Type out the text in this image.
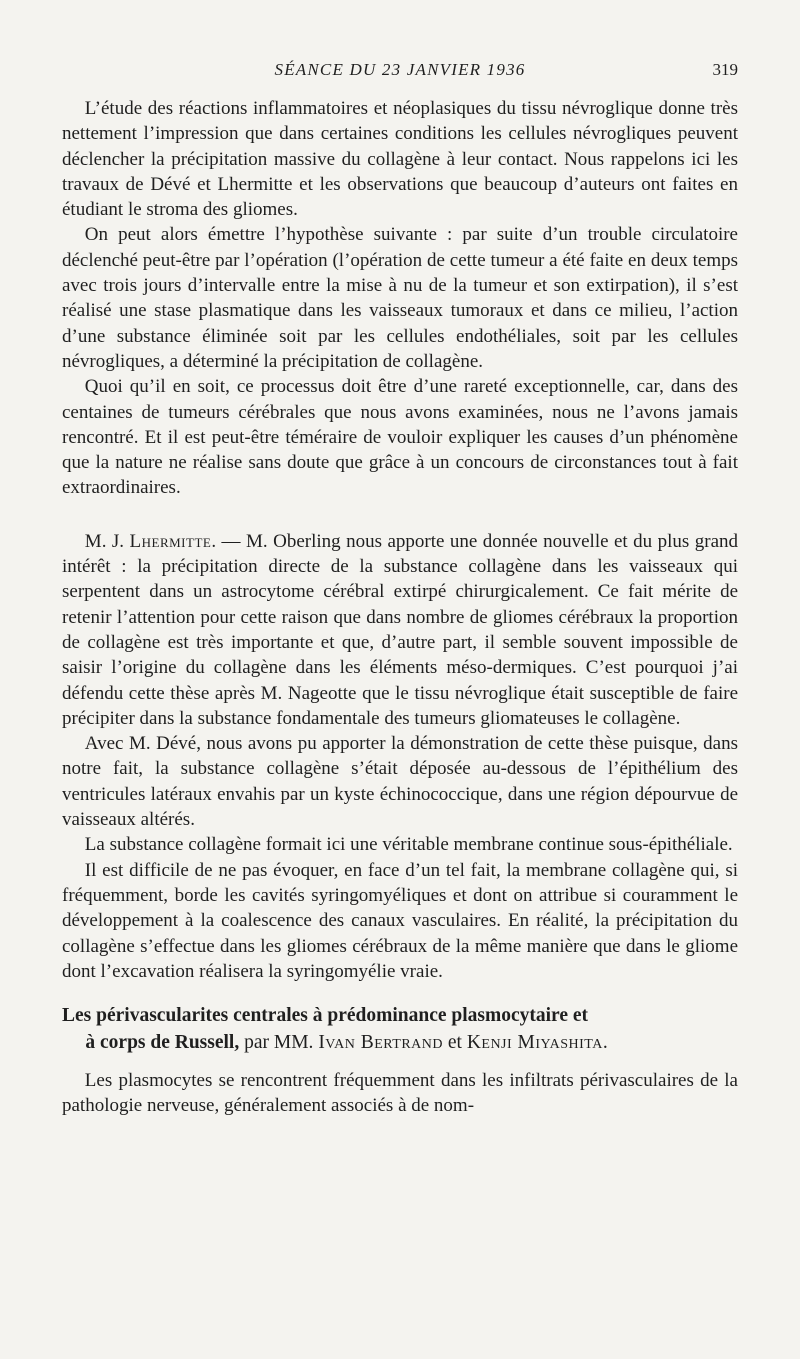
SÉANCE DU 23 JANVIER 1936	319

L’étude des réactions inflammatoires et néoplasiques du tissu névroglique donne très nettement l’impression que dans certaines conditions les cellules névrogliques peuvent déclencher la précipitation massive du collagène à leur contact. Nous rappelons ici les travaux de Dévé et Lhermitte et les observations que beaucoup d’auteurs ont faites en étudiant le stroma des gliomes.

On peut alors émettre l’hypothèse suivante : par suite d’un trouble circulatoire déclenché peut-être par l’opération (l’opération de cette tumeur a été faite en deux temps avec trois jours d’intervalle entre la mise à nu de la tumeur et son extirpation), il s’est réalisé une stase plasmatique dans les vaisseaux tumoraux et dans ce milieu, l’action d’une substance éliminée soit par les cellules endothéliales, soit par les cellules névrogliques, a déterminé la précipitation de collagène.

Quoi qu’il en soit, ce processus doit être d’une rareté exceptionnelle, car, dans des centaines de tumeurs cérébrales que nous avons examinées, nous ne l’avons jamais rencontré. Et il est peut-être téméraire de vouloir expliquer les causes d’un phénomène que la nature ne réalise sans doute que grâce à un concours de circonstances tout à fait extraordinaires.

M. J. Lhermitte. — M. Oberling nous apporte une donnée nouvelle et du plus grand intérêt : la précipitation directe de la substance collagène dans les vaisseaux qui serpentent dans un astrocytome cérébral extirpé chirurgicalement. Ce fait mérite de retenir l’attention pour cette raison que dans nombre de gliomes cérébraux la proportion de collagène est très importante et que, d’autre part, il semble souvent impossible de saisir l’origine du collagène dans les éléments méso-dermiques. C’est pourquoi j’ai défendu cette thèse après M. Nageotte que le tissu névroglique était susceptible de faire précipiter dans la substance fondamentale des tumeurs gliomateuses le collagène.

Avec M. Dévé, nous avons pu apporter la démonstration de cette thèse puisque, dans notre fait, la substance collagène s’était déposée au-dessous de l’épithélium des ventricules latéraux envahis par un kyste échinococcique, dans une région dépourvue de vaisseaux altérés.

La substance collagène formait ici une véritable membrane continue sous-épithéliale.

Il est difficile de ne pas évoquer, en face d’un tel fait, la membrane collagène qui, si fréquemment, borde les cavités syringomyéliques et dont on attribue si couramment le développement à la coalescence des canaux vasculaires. En réalité, la précipitation du collagène s’effectue dans les gliomes cérébraux de la même manière que dans le gliome dont l’excavation réalisera la syringomyélie vraie.

Les périvascularites centrales à prédominance plasmocytaire et
à corps de Russell, par MM. Ivan Bertrand et Kenji Miyashita.

Les plasmocytes se rencontrent fréquemment dans les infiltrats périvasculaires de la pathologie nerveuse, généralement associés à de nom-
